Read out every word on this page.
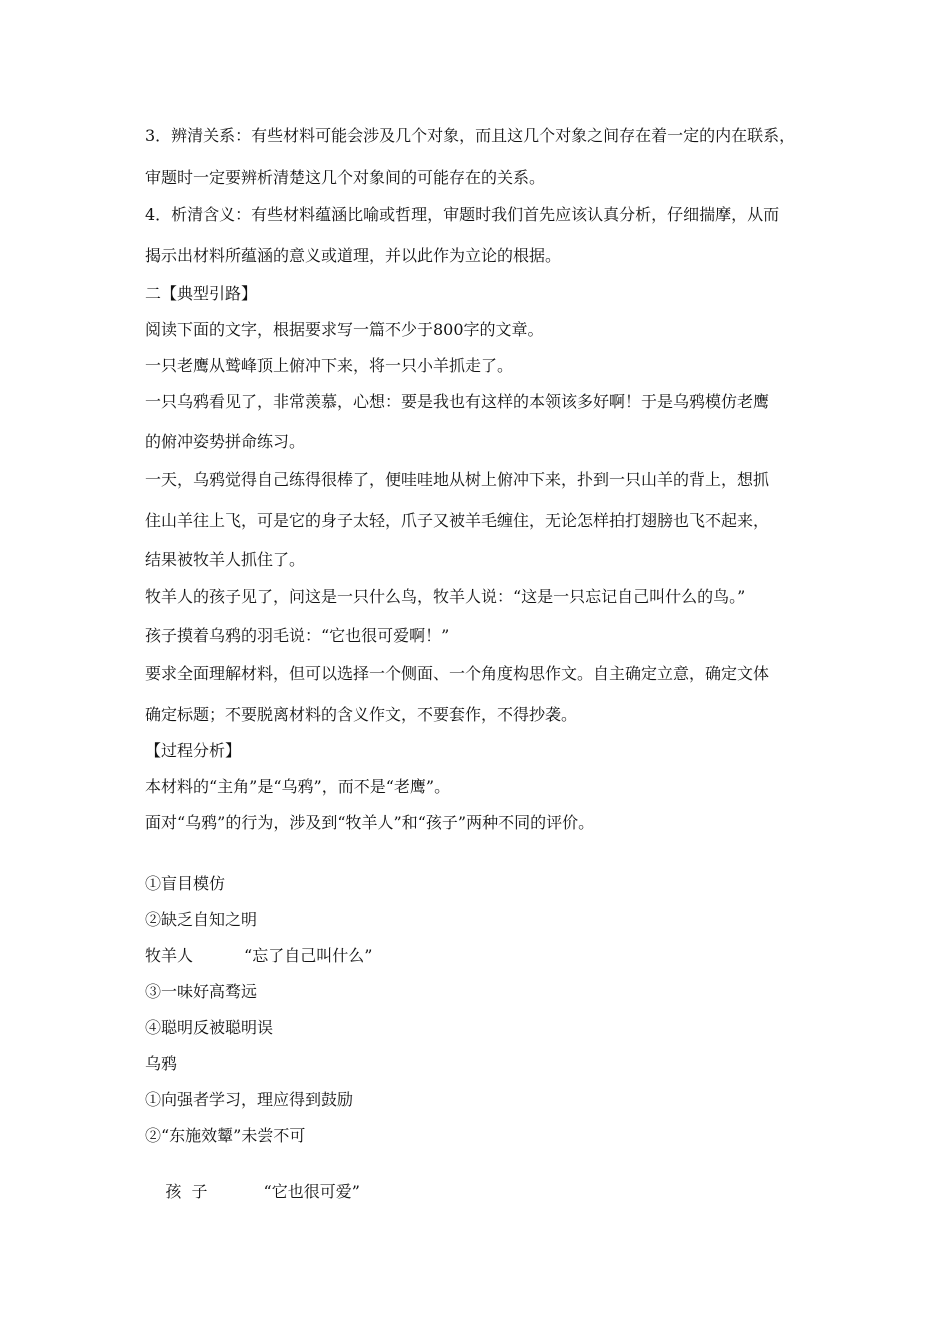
3．辨清关系：有些材料可能会涉及几个对象，而且这几个对象之间存在着一定的内在联系，
审题时一定要辨析清楚这几个对象间的可能存在的关系。
4．析清含义：有些材料蕴涵比喻或哲理，审题时我们首先应该认真分析，仔细揣摩，从而
揭示出材料所蕴涵的意义或道理，并以此作为立论的根据。
二【典型引路】
阅读下面的文字，根据要求写一篇不少于800字的文章。
一只老鹰从鹫峰顶上俯冲下来，将一只小羊抓走了。
一只乌鸦看见了，非常羡慕，心想：要是我也有这样的本领该多好啊！于是乌鸦模仿老鹰
的俯冲姿势拼命练习。
一天，乌鸦觉得自己练得很棒了，便哇哇地从树上俯冲下来，扑到一只山羊的背上，想抓
住山羊往上飞，可是它的身子太轻，爪子又被羊毛缠住，无论怎样拍打翅膀也飞不起来，
结果被牧羊人抓住了。
牧羊人的孩子见了，问这是一只什么鸟，牧羊人说：“这是一只忘记自己叫什么的鸟。”
孩子摸着乌鸦的羽毛说：“它也很可爱啊！”
要求全面理解材料，但可以选择一个侧面、一个角度构思作文。自主确定立意，确定文体
确定标题；不要脱离材料的含义作文，不要套作，不得抄袭。
【过程分析】
本材料的“主角”是“乌鸦”，而不是“老鹰”。
面对“乌鸦”的行为，涉及到“牧羊人”和“孩子”两种不同的评价。
①盲目模仿
②缺乏自知之明
牧羊人	“忘了自己叫什么”
③一味好高骛远
④聪明反被聪明误
乌鸦
①向强者学习，理应得到鼓励
②“东施效颦”未尝不可

孩  子	“它也很可爱”
